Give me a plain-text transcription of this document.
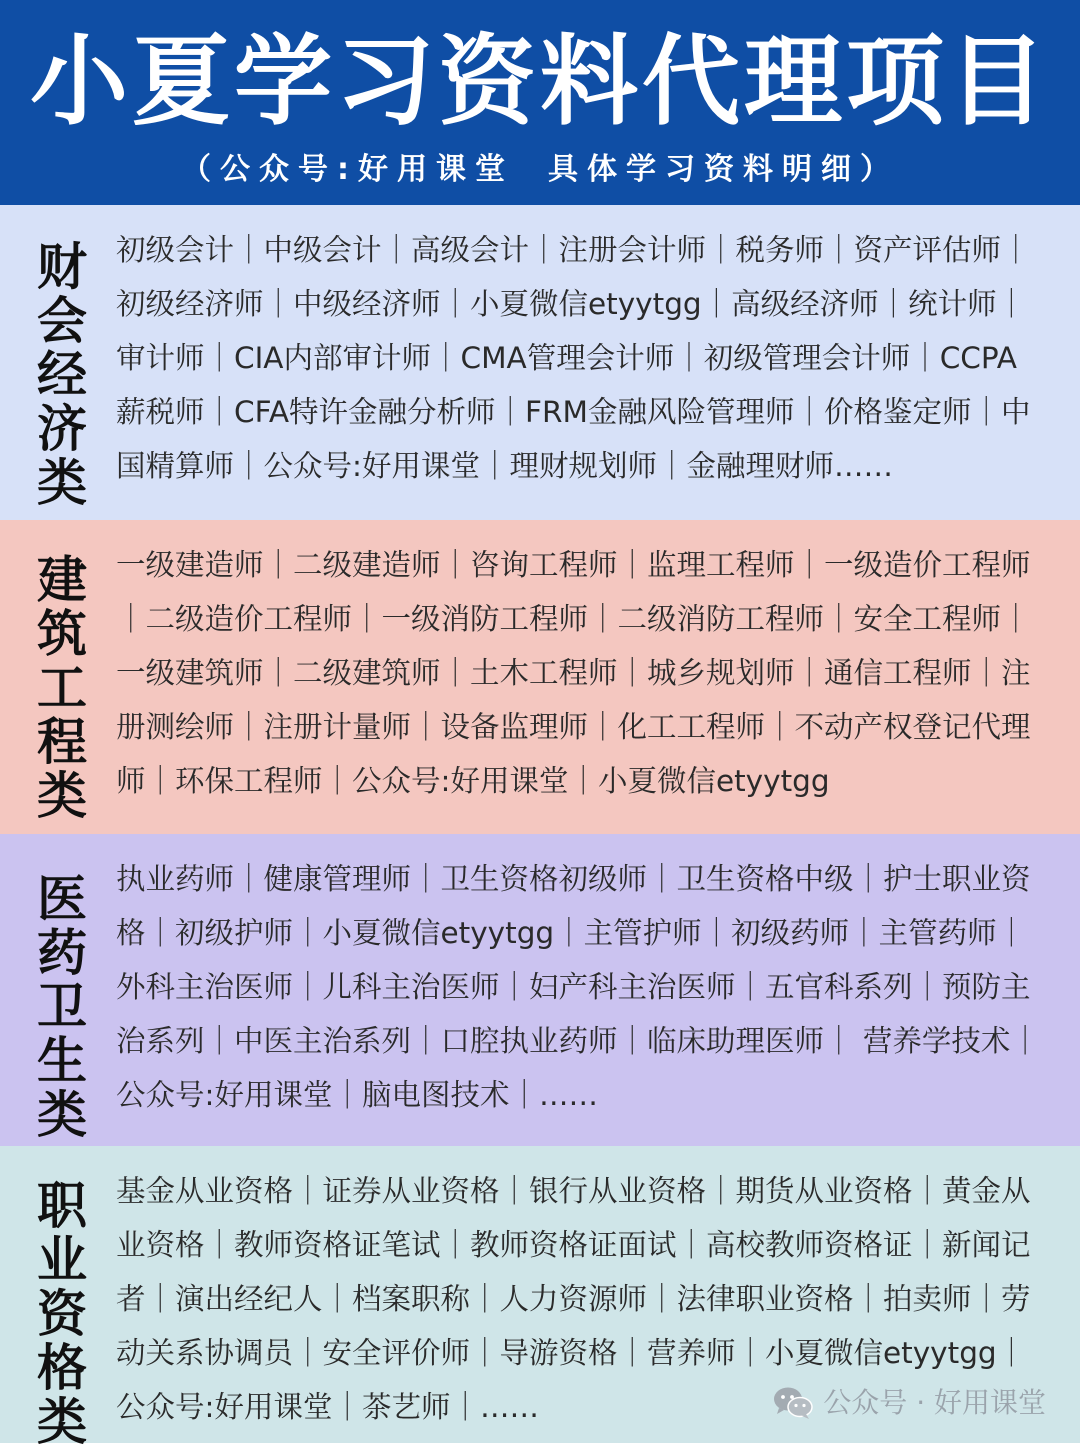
小夏学习资料代理项目
（公众号:好用课堂 具体学习资料明细）
财会经济类
初级会计｜中级会计｜高级会计｜注册会计师｜税务师｜资产评估师｜初级经济师｜中级经济师｜小夏微信etyytgg｜高级经济师｜统计师｜审计师｜CIA内部审计师｜CMA管理会计师｜初级管理会计师｜CCPA薪税师｜CFA特许金融分析师｜FRM金融风险管理师｜价格鉴定师｜中国精算师｜公众号:好用课堂｜理财规划师｜金融理财师……
建筑工程类
一级建造师｜二级建造师｜咨询工程师｜监理工程师｜一级造价工程师｜二级造价工程师｜一级消防工程师｜二级消防工程师｜安全工程师｜一级建筑师｜二级建筑师｜土木工程师｜城乡规划师｜通信工程师｜注册测绘师｜注册计量师｜设备监理师｜化工工程师｜不动产权登记代理师｜环保工程师｜公众号:好用课堂｜小夏微信etyytgg
医药卫生类
执业药师｜健康管理师｜卫生资格初级师｜卫生资格中级｜护士职业资格｜初级护师｜小夏微信etyytgg｜主管护师｜初级药师｜主管药师｜外科主治医师｜儿科主治医师｜妇产科主治医师｜五官科系列｜预防主治系列｜中医主治系列｜口腔执业药师｜临床助理医师｜ 营养学技术｜公众号:好用课堂｜脑电图技术｜……
职业资格类
基金从业资格｜证券从业资格｜银行从业资格｜期货从业资格｜黄金从业资格｜教师资格证笔试｜教师资格证面试｜高校教师资格证｜新闻记者｜演出经纪人｜档案职称｜人力资源师｜法律职业资格｜拍卖师｜劳动关系协调员｜安全评价师｜导游资格｜营养师｜小夏微信etyytgg｜公众号:好用课堂｜茶艺师｜……	公众号 · 好用课堂
